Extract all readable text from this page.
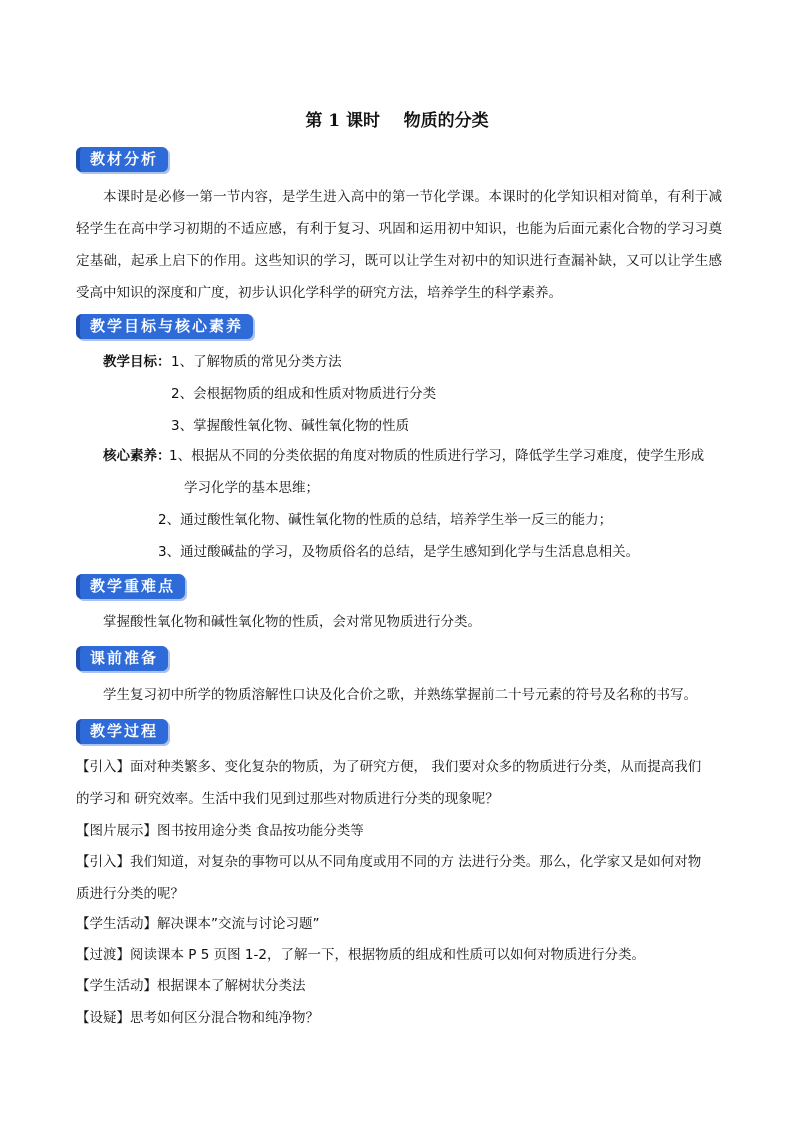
第 1 课时    物质的分类
教材分析
本课时是必修一第一节内容，是学生进入高中的第一节化学课。本课时的化学知识相对简单，有利于减轻学生在高中学习初期的不适应感，有利于复习、巩固和运用初中知识，也能为后面元素化合物的学习习奠定基础，起承上启下的作用。这些知识的学习，既可以让学生对初中的知识进行查漏补缺，又可以让学生感受高中知识的深度和广度，初步认识化学科学的研究方法，培养学生的科学素养。
教学目标与核心素养
教学目标： 1、了解物质的常见分类方法
2、会根据物质的组成和性质对物质进行分类
3、掌握酸性氧化物、碱性氧化物的性质
核心素养：
1、根据从不同的分类依据的角度对物质的性质进行学习，降低学生学习难度，使学生形成
学习化学的基本思维；
2、通过酸性氧化物、碱性氧化物的性质的总结，培养学生举一反三的能力；
3、通过酸碱盐的学习，及物质俗名的总结，是学生感知到化学与生活息息相关。
教学重难点
掌握酸性氧化物和碱性氧化物的性质，会对常见物质进行分类。
课前准备
学生复习初中所学的物质溶解性口诀及化合价之歌，并熟练掌握前二十号元素的符号及名称的书写。
教学过程
【引入】面对种类繁多、变化复杂的物质，为了研究方便， 我们要对众多的物质进行分类，从而提高我们
的学习和 研究效率。生活中我们见到过那些对物质进行分类的现象呢？
【图片展示】图书按用途分类 食品按功能分类等
【引入】我们知道，对复杂的事物可以从不同角度或用不同的方 法进行分类。那么，化学家又是如何对物
质进行分类的呢？
【学生活动】解决课本”交流与讨论习题”
【过渡】阅读课本 P 5 页图 1-2，了解一下，根据物质的组成和性质可以如何对物质进行分类。
【学生活动】根据课本了解树状分类法
【设疑】思考如何区分混合物和纯净物？
